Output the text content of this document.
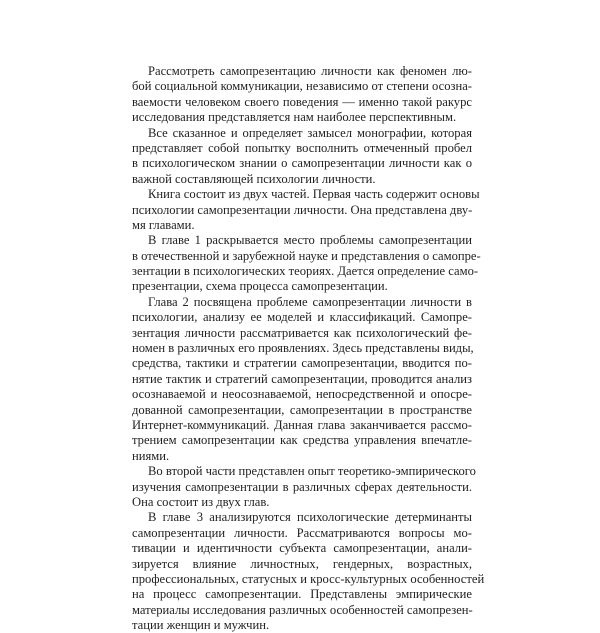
Рассмотреть самопрезентацию личности как феномен лю-
бой социальной коммуникации, независимо от степени осозна-
ваемости человеком своего поведения — именно такой ракурс
исследования представляется нам наиболее перспективным.
Все сказанное и определяет замысел монографии, которая
представляет собой попытку восполнить отмеченный пробел
в психологическом знании о самопрезентации личности как о
важной составляющей психологии личности.
Книга состоит из двух частей. Первая часть содержит основы
психологии самопрезентации личности. Она представлена дву-
мя главами.
В главе 1 раскрывается место проблемы самопрезентации
в отечественной и зарубежной науке и представления о самопре-
зентации в психологических теориях. Дается определение само-
презентации, схема процесса самопрезентации.
Глава 2 посвящена проблеме самопрезентации личности в
психологии, анализу ее моделей и классификаций. Самопре-
зентация личности рассматривается как психологический фе-
номен в различных его проявлениях. Здесь представлены виды,
средства, тактики и стратегии самопрезентации, вводится по-
нятие тактик и стратегий самопрезентации, проводится анализ
осознаваемой и неосознаваемой, непосредственной и опосре-
дованной самопрезентации, самопрезентации в пространстве
Интернет-коммуникаций. Данная глава заканчивается рассмо-
трением самопрезентации как средства управления впечатле-
ниями.
Во второй части представлен опыт теоретико-эмпирического
изучения самопрезентации в различных сферах деятельности.
Она состоит из двух глав.
В главе 3 анализируются психологические детерминанты
самопрезентации личности. Рассматриваются вопросы мо-
тивации и идентичности субъекта самопрезентации, анали-
зируется влияние личностных, гендерных, возрастных,
профессиональных, статусных и кросс-культурных особенностей
на процесс самопрезентации. Представлены эмпирические
материалы исследования различных особенностей самопрезен-
тации женщин и мужчин.
